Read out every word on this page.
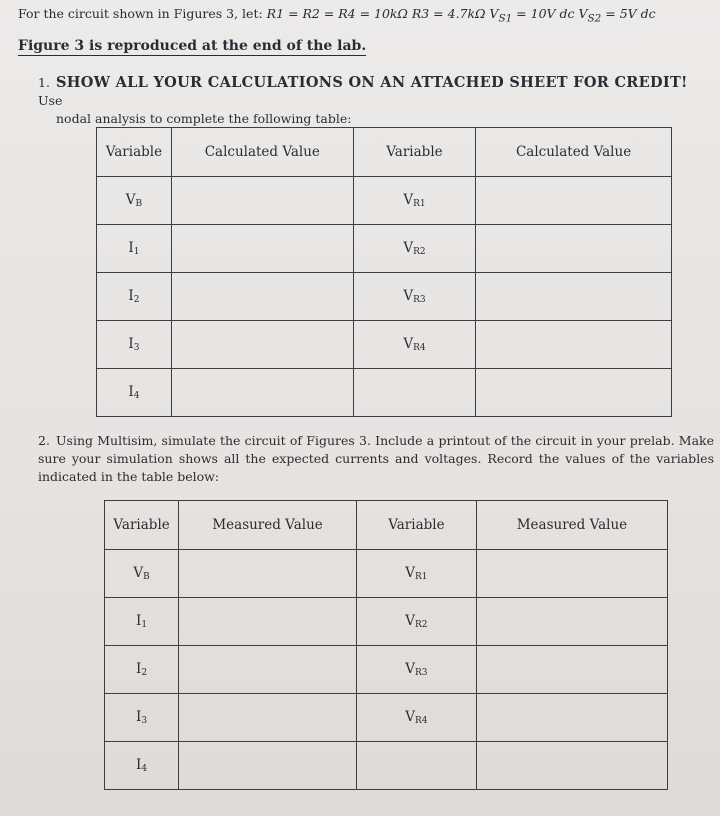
For the circuit shown in Figures 3, let: R1 = R2 = R4 = 10kΩ R3 = 4.7kΩ $V_{S1} = 10V$ dc $V_{S2} = 5V$ dc
Figure 3 is reproduced at the end of the lab.
1. SHOW ALL YOUR CALCULATIONS ON AN ATTACHED SHEET FOR CREDIT! Use
nodal analysis to complete the following table:
Variable	Calculated Value	Variable	Calculated Value
$V_B$		$V_{R1}$	
$I_1$		$V_{R2}$	
$I_2$		$V_{R3}$	
$I_3$		$V_{R4}$	
$I_4$			
2. Using Multisim, simulate the circuit of Figures 3. Include a printout of the circuit in your prelab. Make sure your simulation shows all the expected currents and voltages. Record the values of the variables indicated in the table below:
Variable	Measured Value	Variable	Measured Value
$V_B$		$V_{R1}$	
$I_1$		$V_{R2}$	
$I_2$		$V_{R3}$	
$I_3$		$V_{R4}$	
$I_4$			
